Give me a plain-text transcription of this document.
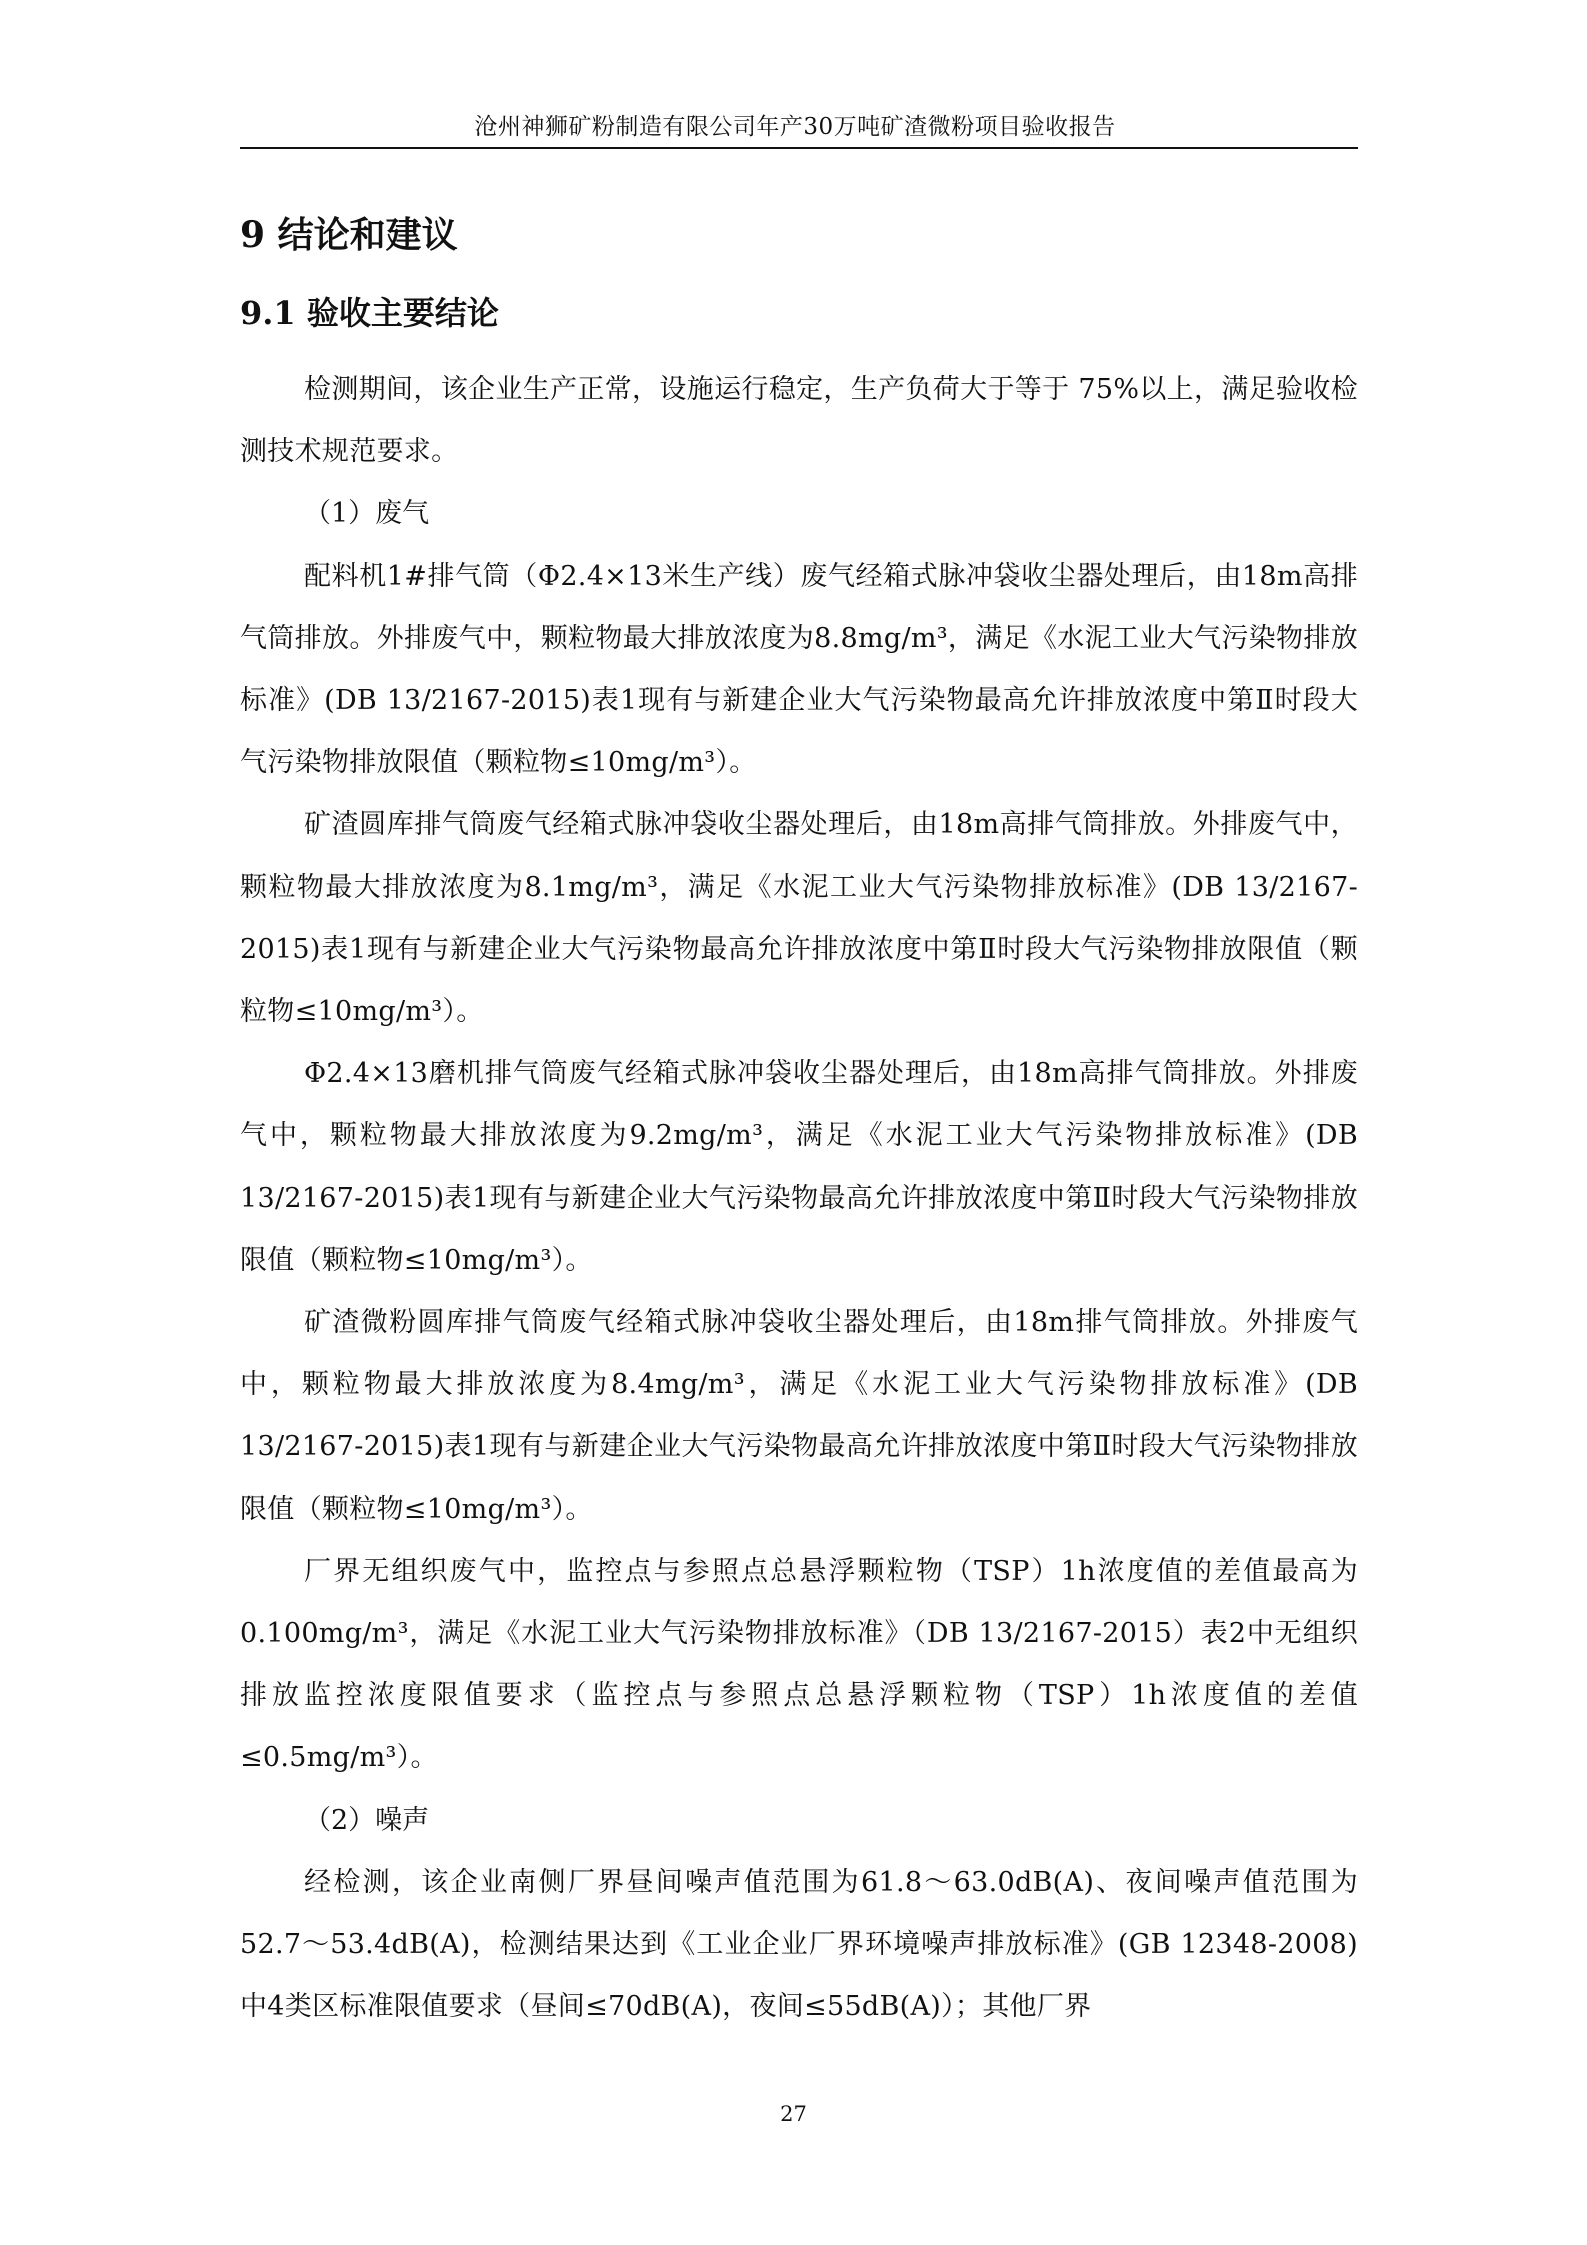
沧州神狮矿粉制造有限公司年产30万吨矿渣微粉项目验收报告
9 结论和建议
9.1 验收主要结论

检测期间，该企业生产正常，设施运行稳定，生产负荷大于等于 75%以上，满足验收检测技术规范要求。

（1）废气

配料机1#排气筒（Φ2.4×13米生产线）废气经箱式脉冲袋收尘器处理后，由18m高排气筒排放。外排废气中，颗粒物最大排放浓度为8.8mg/m³，满足《水泥工业大气污染物排放标准》(DB 13/2167-2015)表1现有与新建企业大气污染物最高允许排放浓度中第Ⅱ时段大气污染物排放限值（颗粒物≤10mg/m³）。

矿渣圆库排气筒废气经箱式脉冲袋收尘器处理后，由18m高排气筒排放。外排废气中，颗粒物最大排放浓度为8.1mg/m³，满足《水泥工业大气污染物排放标准》(DB 13/2167-2015)表1现有与新建企业大气污染物最高允许排放浓度中第Ⅱ时段大气污染物排放限值（颗粒物≤10mg/m³）。

Φ2.4×13磨机排气筒废气经箱式脉冲袋收尘器处理后，由18m高排气筒排放。外排废气中，颗粒物最大排放浓度为9.2mg/m³，满足《水泥工业大气污染物排放标准》(DB 13/2167-2015)表1现有与新建企业大气污染物最高允许排放浓度中第Ⅱ时段大气污染物排放限值（颗粒物≤10mg/m³）。

矿渣微粉圆库排气筒废气经箱式脉冲袋收尘器处理后，由18m排气筒排放。外排废气中，颗粒物最大排放浓度为8.4mg/m³，满足《水泥工业大气污染物排放标准》(DB 13/2167-2015)表1现有与新建企业大气污染物最高允许排放浓度中第Ⅱ时段大气污染物排放限值（颗粒物≤10mg/m³）。

厂界无组织废气中，监控点与参照点总悬浮颗粒物（TSP）1h浓度值的差值最高为0.100mg/m³，满足《水泥工业大气污染物排放标准》（DB 13/2167-2015）表2中无组织排放监控浓度限值要求（监控点与参照点总悬浮颗粒物（TSP）1h浓度值的差值≤0.5mg/m³）。

（2）噪声

经检测，该企业南侧厂界昼间噪声值范围为61.8～63.0dB(A)、夜间噪声值范围为52.7～53.4dB(A)，检测结果达到《工业企业厂界环境噪声排放标准》(GB 12348-2008)中4类区标准限值要求（昼间≤70dB(A)，夜间≤55dB(A)）；其他厂界

27
